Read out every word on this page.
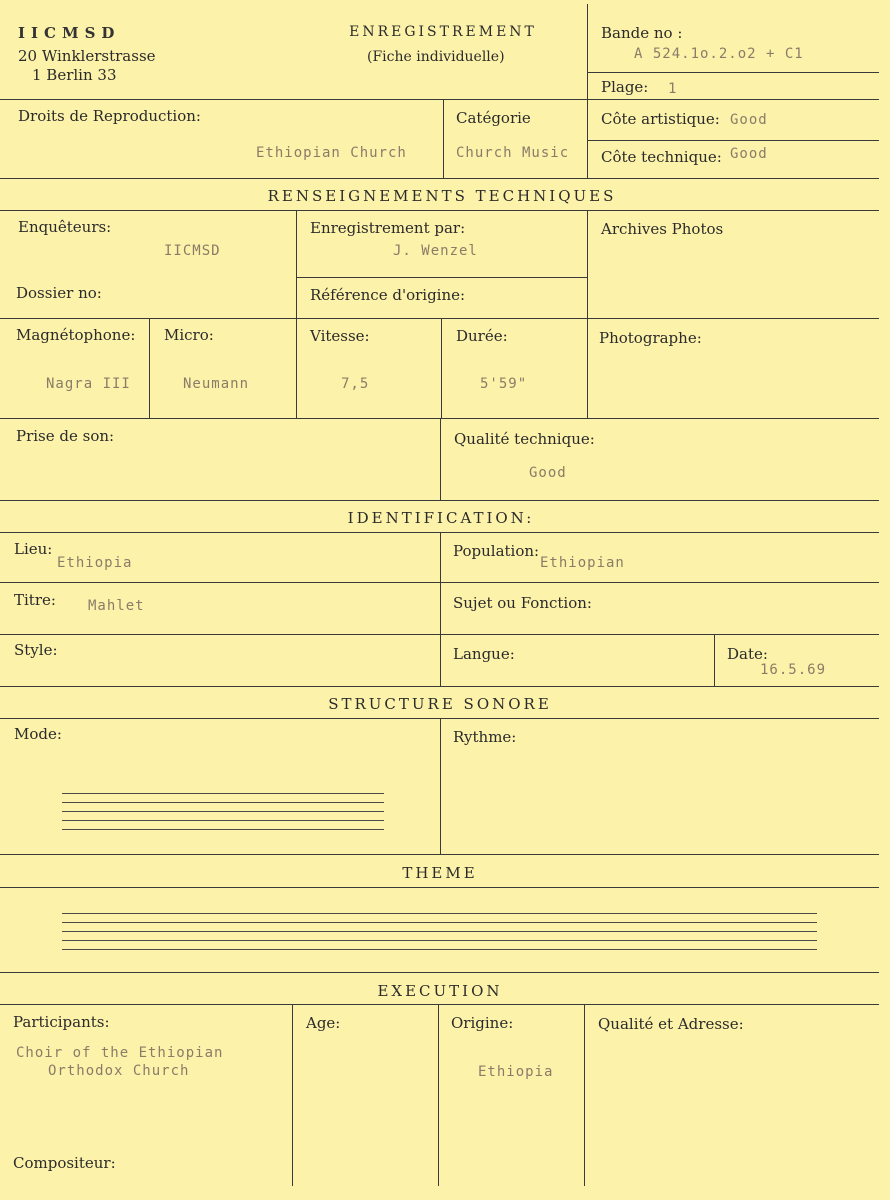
IICMSD
20 Winklerstrasse
1 Berlin 33
ENREGISTREMENT
(Fiche individuelle)
Bande no :
A 524.1o.2.o2 + C1
Plage: 1
Droits de Reproduction:
Ethiopian Church
Catégorie
Church Music
Côte artistique: Good
Côte technique: Good
RENSEIGNEMENTS TECHNIQUES
Enquêteurs:
IICMSD
Enregistrement par:
J. Wenzel
Archives Photos
Dossier no:	Référence d'origine:
Magnétophone:
Nagra III
Micro:
Neumann
Vitesse:
7,5
Durée:
5'59"
Photographe:
Prise de son:	Qualité technique:
Good
IDENTIFICATION:
Lieu:
Ethiopia
Population:
Ethiopian
Titre: Mahlet	Sujet ou Fonction:
Style:	Langue:	Date:
16.5.69
STRUCTURE SONORE
Mode:	Rythme:
THEME
EXECUTION
Participants:
Choir of the Ethiopian
Orthodox Church
Age:	Origine:
Ethiopia
Qualité et Adresse:
Compositeur:
